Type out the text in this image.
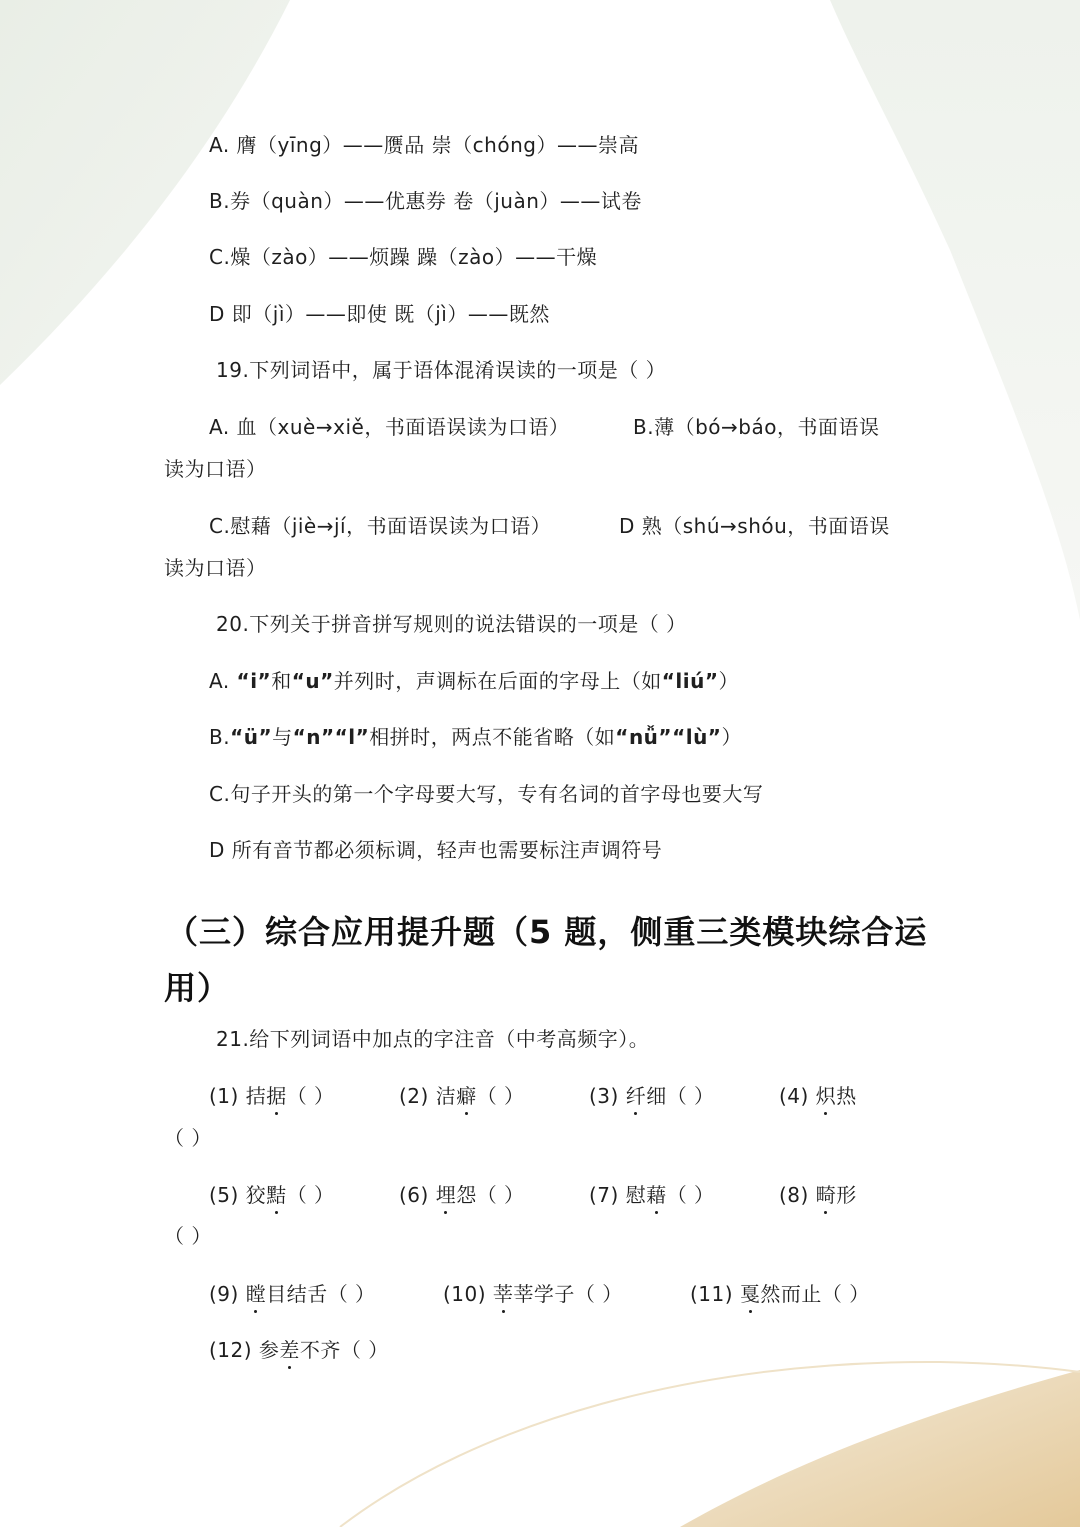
A. 膺（yīng）——赝品 崇（chóng）——崇高

B.券（quàn）——优惠券 卷（juàn）——试卷

C.燥（zào）——烦躁 躁（zào）——干燥

D 即（jì）——即使 既（jì）——既然

19.下列词语中，属于语体混淆误读的一项是（ ）

A. 血（xuè→xiě，书面语误读为口语）	B.薄（bó→báo，书面语误

读为口语）

C.慰藉（jiè→jí，书面语误读为口语）	D 熟（shú→shóu，书面语误

读为口语）

20.下列关于拼音拼写规则的说法错误的一项是（ ）

A. “i”和“u”并列时，声调标在后面的字母上（如“liú”）

B.“ü”与“n”“l”相拼时，两点不能省略（如“nǚ”“lù”）

C.句子开头的第一个字母要大写，专有名词的首字母也要大写

D 所有音节都必须标调，轻声也需要标注声调符号

（三）综合应用提升题（5 题，侧重三类模块综合运
用）

21.给下列词语中加点的字注音（中考高频字）。

(1) 拮据（ ）	(2) 洁癖（ ）	(3) 纤细（ ）	(4) 炽热

（ ）

(5) 狡黠（ ）	(6) 埋怨（ ）	(7) 慰藉（ ）	(8) 畸形

（ ）

(9) 瞠目结舌（ ）	(10) 莘莘学子（ ）	(11) 戛然而止（ ）

(12) 参差不齐（ ）
